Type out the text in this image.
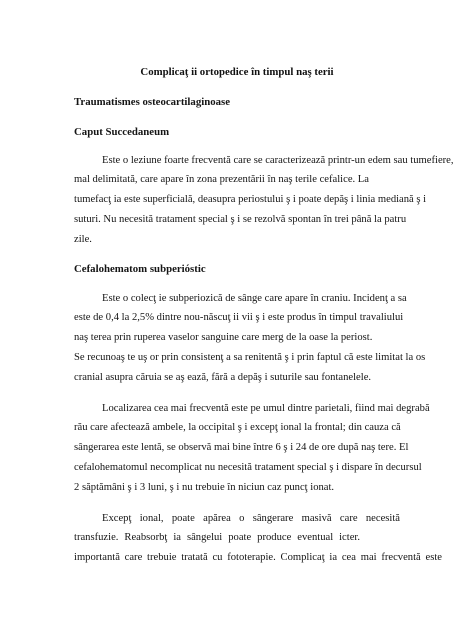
Complicaţ ii ortopedice în timpul naş terii
Traumatismes osteocartilaginoase
Caput Succedaneum
Este o leziune foarte frecventă care se caracterizează printr-un edem sau tumefiere,
mal delimitată, care apare în zona prezentării în naş terile cefalice. La
tumefacţ ia este superficială, deasupra periostului ş i poate depăş i linia mediană ş i
suturi. Nu necesită tratament special ş i se rezolvă spontan în trei până la patru
zile.
Cefalohematom subperióstic
Este o colecţ ie subperiozică de sânge care apare în craniu. Incidenţ a sa
este de 0,4 la 2,5% dintre nou-născuţ ii vii ş i este produs în timpul travaliului
naş terea prin ruperea vaselor sanguine care merg de la oase la periost.
Se recunoaş te uş or prin consistenţ a sa renitentă ş i prin faptul că este limitat la os
cranial asupra căruia se aş ează, fără a depăş i suturile sau fontanelele.
Localizarea cea mai frecventă este pe umul dintre parietali, fiind mai degrabă
rău care afectează ambele, la occipital ş i excepţ ional la frontal; din cauza că
sângerarea este lentă, se observă mai bine între 6 ş i 24 de ore după naş tere. El
cefalohematomul necomplicat nu necesită tratament special ş i dispare în decursul
2 săptămâni ş i 3 luni, ş i nu trebuie în niciun caz puncţ ionat.
Excepţ ional, poate apărea o sângerare masivă care necesită
transfuzie. Reabsorbţ ia sângelui poate produce eventual icter.
importantă care trebuie tratată cu fototerapie. Complicaţ ia cea mai frecventă este
